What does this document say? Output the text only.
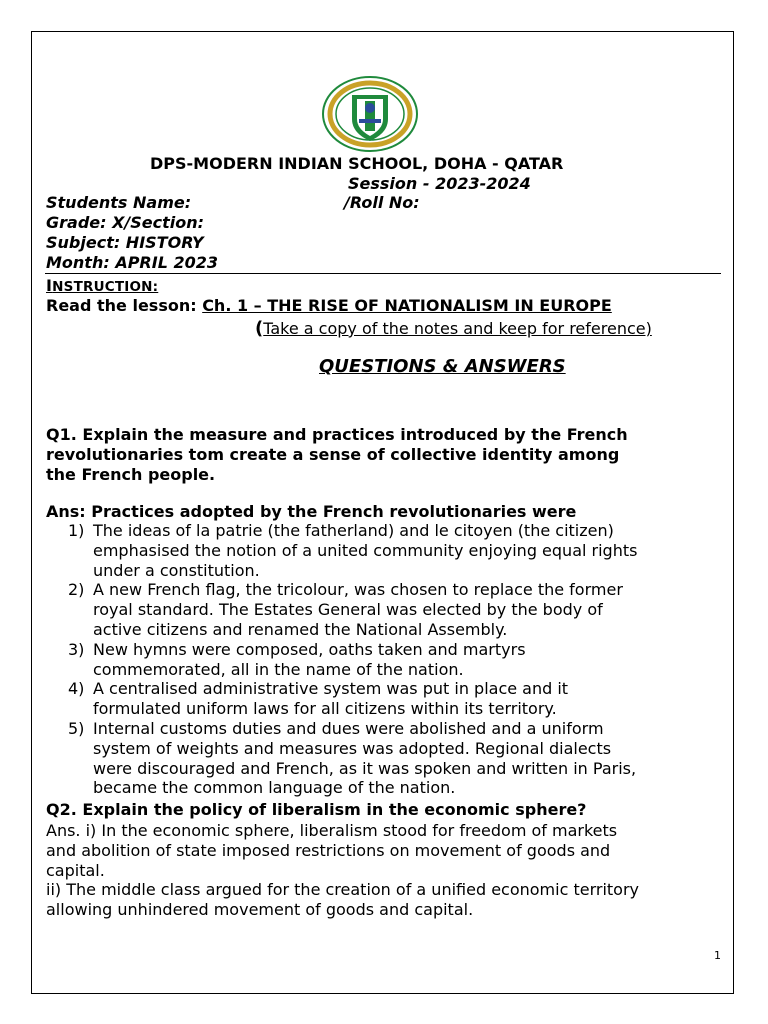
DPS-MODERN INDIAN SCHOOL, DOHA - QATAR
Session - 2023-2024
Students Name:	/Roll No:
Grade: X/Section:
Subject: HISTORY
Month: APRIL 2023
INSTRUCTION:
Read the lesson: Ch. 1 – THE RISE OF NATIONALISM IN EUROPE
(Take a copy of the notes and keep for reference)
QUESTIONS & ANSWERS
Q1. Explain the measure and practices introduced by the French
revolutionaries tom create a sense of collective identity among
the French people.
Ans: Practices adopted by the French revolutionaries were
1) The ideas of la patrie (the fatherland) and le citoyen (the citizen)
emphasised the notion of a united community enjoying equal rights
under a constitution.
2) A new French flag, the tricolour, was chosen to replace the former
royal standard. The Estates General was elected by the body of
active citizens and renamed the National Assembly.
3) New hymns were composed, oaths taken and martyrs
commemorated, all in the name of the nation.
4) A centralised administrative system was put in place and it
formulated uniform laws for all citizens within its territory.
5) Internal customs duties and dues were abolished and a uniform
system of weights and measures was adopted. Regional dialects
were discouraged and French, as it was spoken and written in Paris,
became the common language of the nation.
Q2. Explain the policy of liberalism in the economic sphere?
Ans. i) In the economic sphere, liberalism stood for freedom of markets
and abolition of state imposed restrictions on movement of goods and
capital.
ii) The middle class argued for the creation of a unified economic territory
allowing unhindered movement of goods and capital.
1
